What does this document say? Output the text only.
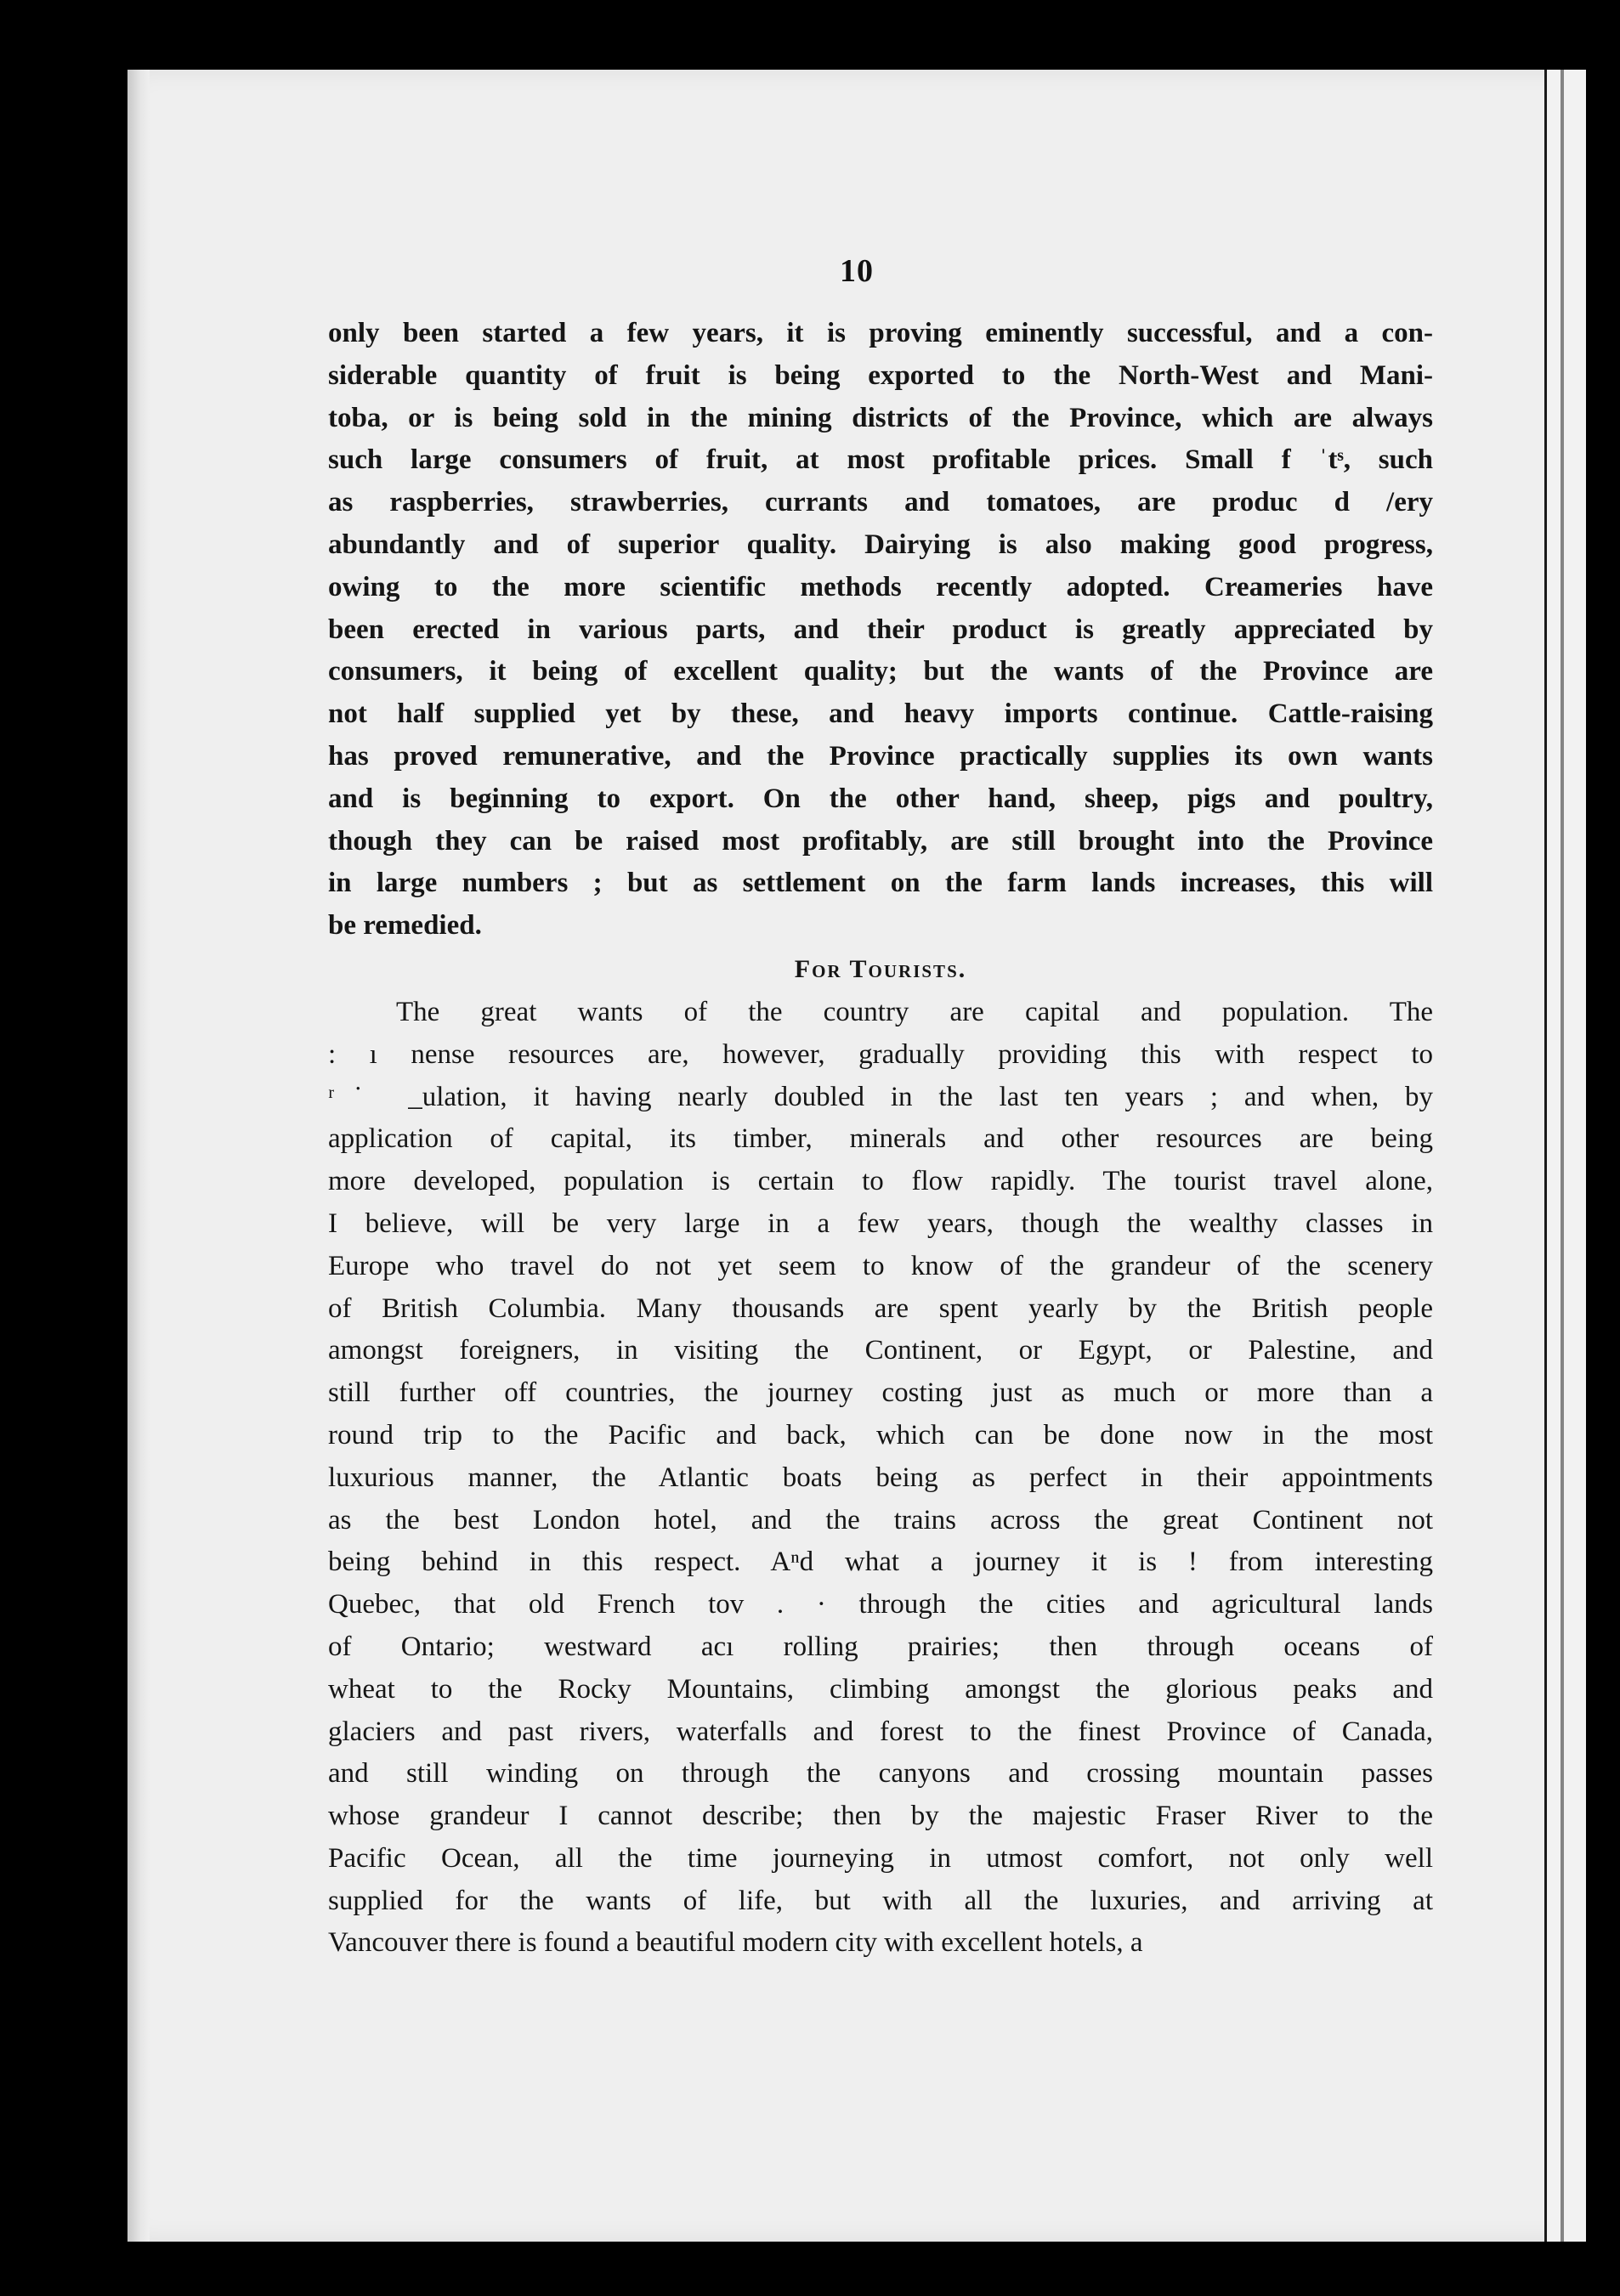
10
only been started a few years, it is proving eminently successful, and a con-
siderable quantity of fruit is being exported to the North-West and Mani-
toba, or is being sold in the mining districts of the Province, which are always
such large consumers of fruit, at most profitable prices. Small f ˈtˢ, such
as raspberries, strawberries, currants and tomatoes, are produc d /ery
abundantly and of superior quality. Dairying is also making good progress,
owing to the more scientific methods recently adopted. Creameries have
been erected in various parts, and their product is greatly appreciated by
consumers, it being of excellent quality; but the wants of the Province are
not half supplied yet by these, and heavy imports continue. Cattle-raising
has proved remunerative, and the Province practically supplies its own wants
and is beginning to export. On the other hand, sheep, pigs and poultry,
though they can be raised most profitably, are still brought into the Province
in large numbers ; but as settlement on the farm lands increases, this will
be remedied.
For Tourists.
The great wants of the country are capital and population. The
: ı nense resources are, however, gradually providing this with respect to
ʳ˙ _ulation, it having nearly doubled in the last ten years ; and when, by
application of capital, its timber, minerals and other resources are being
more developed, population is certain to flow rapidly. The tourist travel alone,
I believe, will be very large in a few years, though the wealthy classes in
Europe who travel do not yet seem to know of the grandeur of the scenery
of British Columbia. Many thousands are spent yearly by the British people
amongst foreigners, in visiting the Continent, or Egypt, or Palestine, and
still further off countries, the journey costing just as much or more than a
round trip to the Pacific and back, which can be done now in the most
luxurious manner, the Atlantic boats being as perfect in their appointments
as the best London hotel, and the trains across the great Continent not
being behind in this respect. Aⁿd what a journey it is ! from interesting
Quebec, that old French tov . · through the cities and agricultural lands
of Ontario; westward acı rolling prairies; then through oceans of
wheat to the Rocky Mountains, climbing amongst the glorious peaks and
glaciers and past rivers, waterfalls and forest to the finest Province of Canada,
and still winding on through the canyons and crossing mountain passes
whose grandeur I cannot describe; then by the majestic Fraser River to the
Pacific Ocean, all the time journeying in utmost comfort, not only well
supplied for the wants of life, but with all the luxuries, and arriving at
Vancouver there is found a beautiful modern city with excellent hotels, a
